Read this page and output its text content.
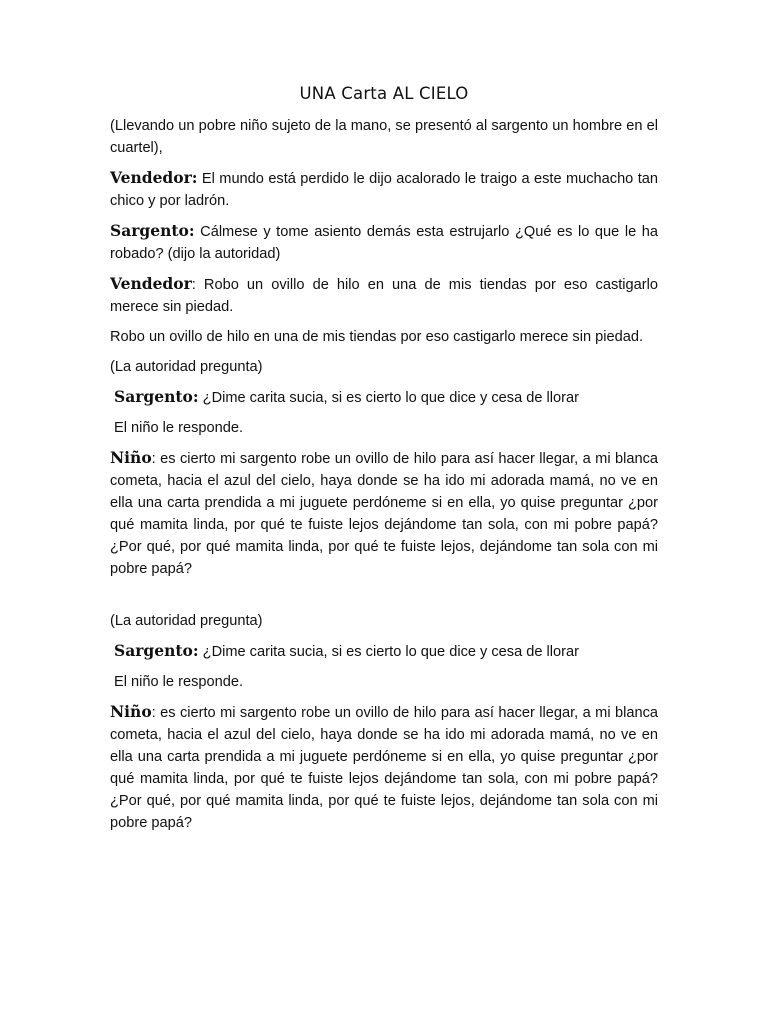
UNA Carta AL CIELO

(Llevando un pobre niño sujeto de la mano, se presentó al sargento un hombre en el cuartel),

Vendedor: El mundo está perdido le dijo acalorado le traigo a este muchacho tan chico y por ladrón.

Sargento: Cálmese y tome asiento demás esta estrujarlo ¿Qué es lo que le ha robado? (dijo la autoridad)

Vendedor: Robo un ovillo de hilo en una de mis tiendas por eso castigarlo merece sin piedad.

Robo un ovillo de hilo en una de mis tiendas por eso castigarlo merece sin piedad.

(La autoridad pregunta)

Sargento: ¿Dime carita sucia, si es cierto lo que dice y cesa de llorar

El niño le responde.

Niño: es cierto mi sargento robe un ovillo de hilo para así hacer llegar, a mi blanca cometa, hacia el azul del cielo, haya donde se ha ido mi adorada mamá, no ve en ella una carta prendida a mi juguete perdóneme si en ella, yo quise preguntar ¿por qué mamita linda, por qué te fuiste lejos dejándome tan sola, con mi pobre papá? ¿Por qué, por qué mamita linda, por qué te fuiste lejos, dejándome tan sola con mi pobre papá?

(La autoridad pregunta)

Sargento: ¿Dime carita sucia, si es cierto lo que dice y cesa de llorar

El niño le responde.

Niño: es cierto mi sargento robe un ovillo de hilo para así hacer llegar, a mi blanca cometa, hacia el azul del cielo, haya donde se ha ido mi adorada mamá, no ve en ella una carta prendida a mi juguete perdóneme si en ella, yo quise preguntar ¿por qué mamita linda, por qué te fuiste lejos dejándome tan sola, con mi pobre papá? ¿Por qué, por qué mamita linda, por qué te fuiste lejos, dejándome tan sola con mi pobre papá?
